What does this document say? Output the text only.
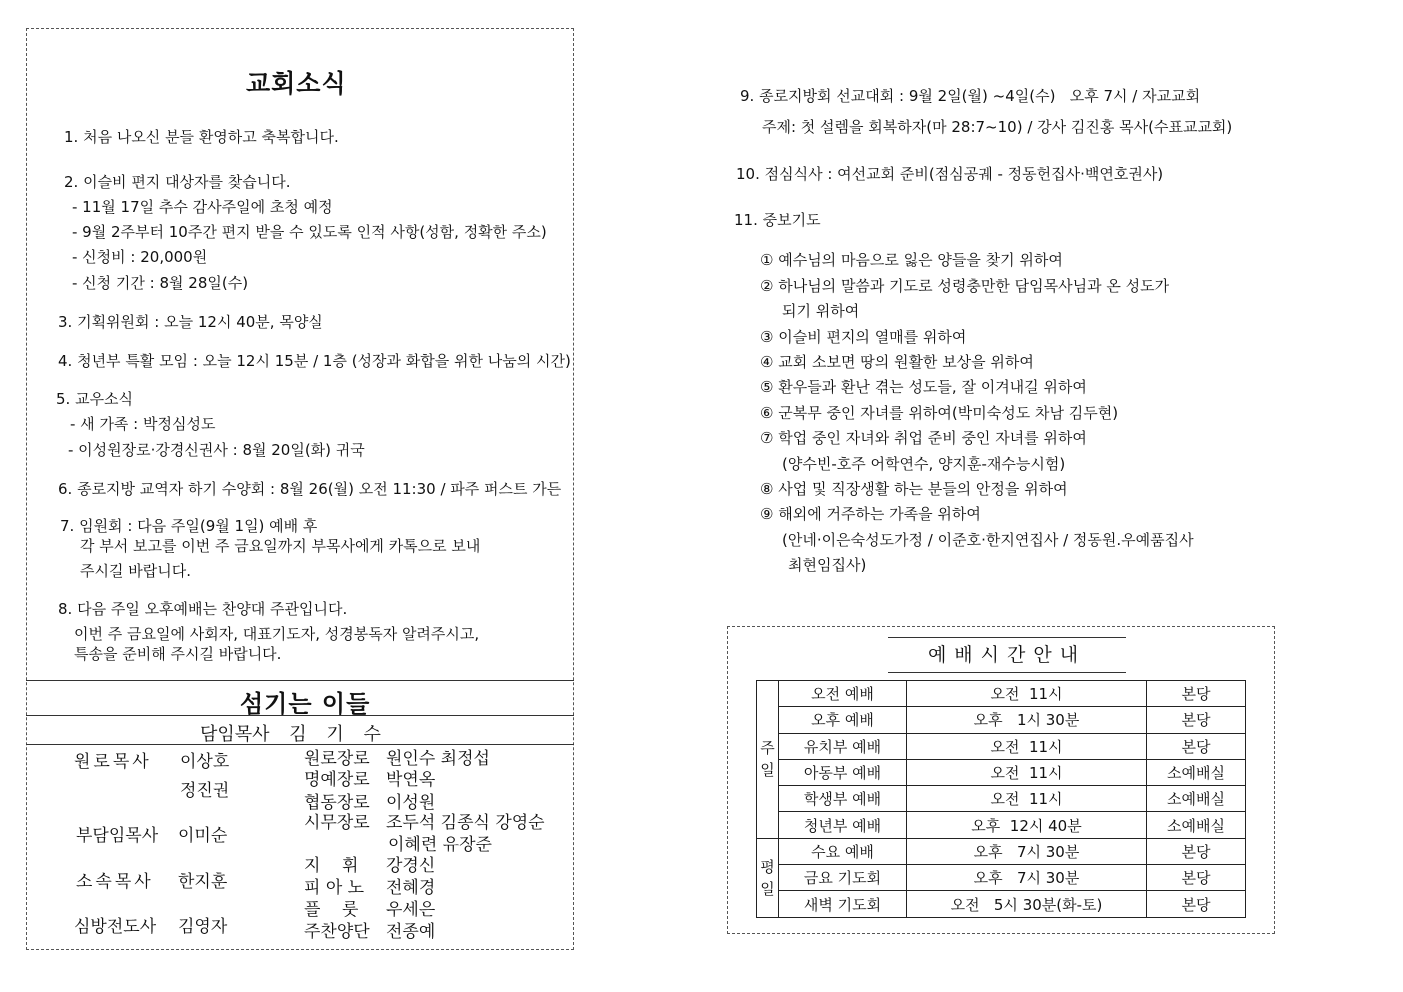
교회소식
1. 처음 나오신 분들 환영하고 축복합니다.
2. 이슬비 편지 대상자를 찾습니다.
- 11월 17일 추수 감사주일에 초청 예정
- 9월 2주부터 10주간 편지 받을 수 있도록 인적 사항(성함, 정확한 주소)
- 신청비 : 20,000원
- 신청 기간 : 8월 28일(수)
3. 기획위원회 : 오늘 12시 40분, 목양실
4. 청년부 특활 모임 : 오늘 12시 15분 / 1층 (성장과 화합을 위한 나눔의 시간)
5. 교우소식
- 새 가족 : 박정심성도
- 이성원장로·강경신권사 : 8월 20일(화) 귀국
6. 종로지방 교역자 하기 수양회 : 8월 26(월) 오전 11:30 / 파주 퍼스트 가든
7. 임원회 : 다음 주일(9월 1일) 예배 후
각 부서 보고를 이번 주 금요일까지 부목사에게 카톡으로 보내
주시길 바랍니다.
8. 다음 주일 오후예배는 찬양대 주관입니다.
이번 주 금요일에 사회자, 대표기도자, 성경봉독자 알려주시고,
특송을 준비해 주시길 바랍니다.
섬기는 이들
담임목사 김 기 수
원로목사 이상호
정진권
부담임목사 이미순
소속목사 한지훈
심방전도사 김영자
원로장로 원인수 최정섭
명예장로 박연옥
협동장로 이성원
시무장로 조두석 김종식 강영순
이혜련 유장준
지    휘 강경신
피 아 노 전혜경
플    룻 우세은
주찬양단 전종예
9. 종로지방회 선교대회 : 9월 2일(월) ~4일(수)   오후 7시 / 자교교회
주제: 첫 설렘을 회복하자(마 28:7~10) / 강사 김진홍 목사(수표교교회)
10. 점심식사 : 여선교회 준비(점심공궤 - 정동헌집사·백연호권사)
11. 중보기도
① 예수님의 마음으로 잃은 양들을 찾기 위하여
② 하나님의 말씀과 기도로 성령충만한 담임목사님과 온 성도가
되기 위하여
③ 이슬비 편지의 열매를 위하여
④ 교회 소보면 땅의 원활한 보상을 위하여
⑤ 환우들과 환난 겪는 성도들, 잘 이겨내길 위하여
⑥ 군복무 중인 자녀를 위하여(박미숙성도 차남 김두현)
⑦ 학업 중인 자녀와 취업 준비 중인 자녀를 위하여
(양수빈-호주 어학연수, 양지훈-재수능시험)
⑧ 사업 및 직장생활 하는 분들의 안정을 위하여
⑨ 해외에 거주하는 가족을 위하여
(안네·이은숙성도가정 / 이준호·한지연집사 / 정동원.우예품집사
최현임집사)
예배시간안내
주일	오전 예배	오전  11시	본당
	오후 예배	오후   1시 30분	본당
	유치부 예배	오전  11시	본당
	아동부 예배	오전  11시	소예배실
	학생부 예배	오전  11시	소예배실
	청년부 예배	오후  12시 40분	소예배실
평일	수요 예배	오후   7시 30분	본당
	금요 기도회	오후   7시 30분	본당
	새벽 기도회	오전   5시 30분(화-토)	본당
